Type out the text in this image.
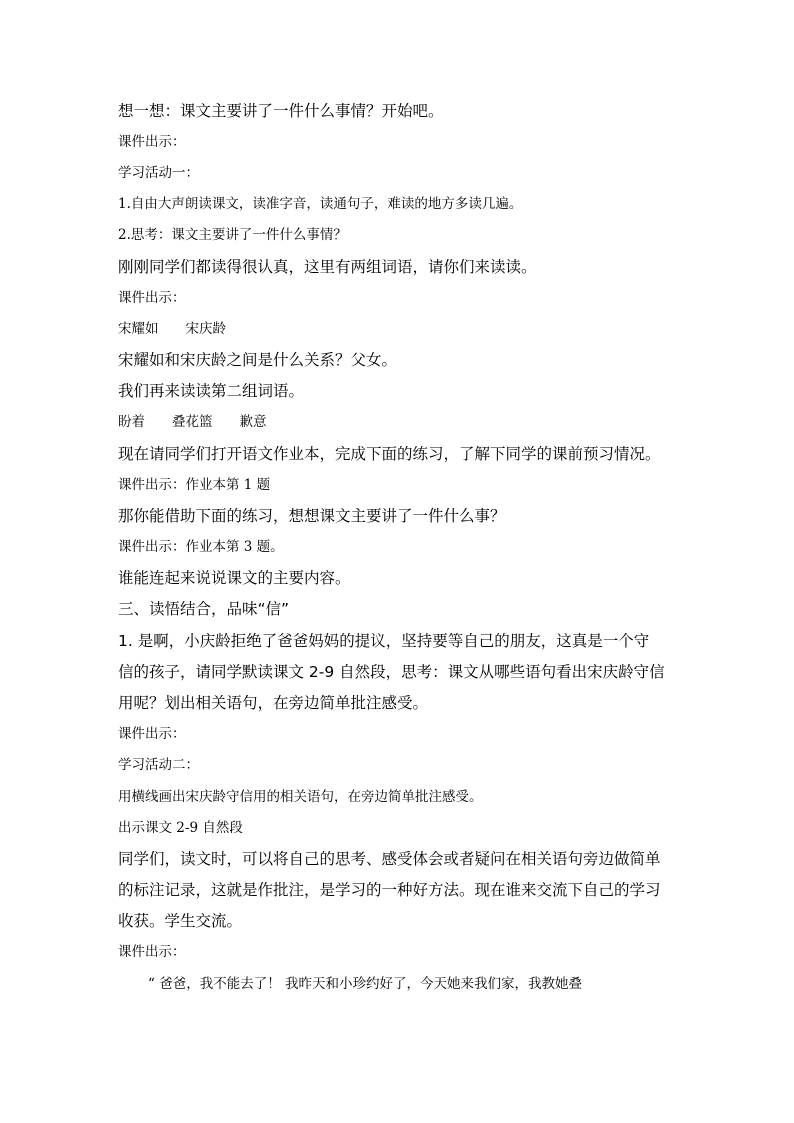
想一想：课文主要讲了一件什么事情？开始吧。
课件出示：
学习活动一：
1.自由大声朗读课文，读准字音，读通句子，难读的地方多读几遍。
2.思考：课文主要讲了一件什么事情？
刚刚同学们都读得很认真，这里有两组词语，请你们来读读。
课件出示：
宋耀如　　宋庆龄
宋耀如和宋庆龄之间是什么关系？父女。
我们再来读读第二组词语。
盼着　　叠花篮　　歉意
现在请同学们打开语文作业本，完成下面的练习，了解下同学的课前预习情况。
课件出示：作业本第 1 题
那你能借助下面的练习，想想课文主要讲了一件什么事？
课件出示：作业本第 3 题。
谁能连起来说说课文的主要内容。
三、读悟结合，品味“信”
1. 是啊，小庆龄拒绝了爸爸妈妈的提议，坚持要等自己的朋友，这真是一个守
信的孩子，请同学默读课文 2-9 自然段，思考：课文从哪些语句看出宋庆龄守信
用呢？划出相关语句，在旁边简单批注感受。
课件出示：
学习活动二：
用横线画出宋庆龄守信用的相关语句，在旁边简单批注感受。
出示课文 2-9 自然段
同学们，读文时，可以将自己的思考、感受体会或者疑问在相关语句旁边做简单
的标注记录，这就是作批注，是学习的一种好方法。现在谁来交流下自己的学习
收获。学生交流。
课件出示：
“ 爸爸，我不能去了！ 我昨天和小珍约好了，今天她来我们家，我教她叠
